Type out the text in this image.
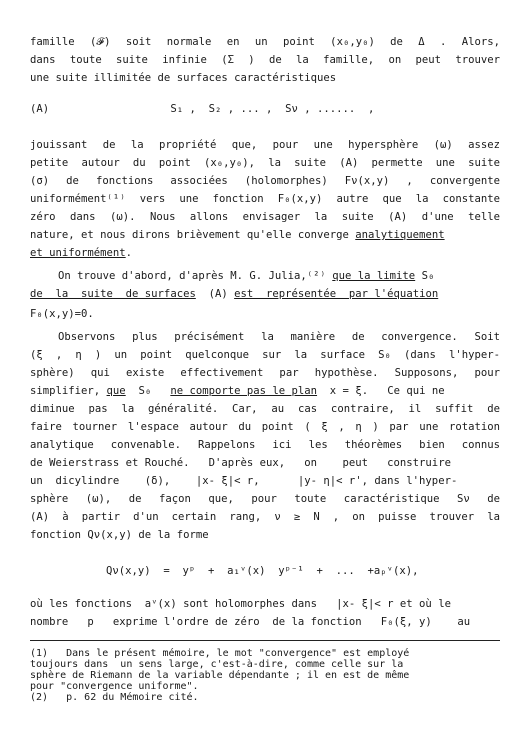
famille (𝓕) soit normale en un point (x₀,y₀) de Δ . Alors,
dans toute suite infinie (Σ ) de la famille, on peut trouver
une suite illimitée de surfaces caractéristiques
(A)                   S₁ ,  S₂ , ... ,  Sν , ......  ,
jouissant de la propriété que, pour une hypersphère (ω) assez
petite autour du point (x₀,y₀), la suite (A) permette une suite
(σ) de fonctions associées (holomorphes) Fν(x,y) , convergente
uniformément⁽¹⁾ vers une fonction F₀(x,y) autre que la constante
zéro dans (ω). Nous allons envisager la suite (A) d'une telle
nature, et nous dirons brièvement qu'elle converge analytiquement
et uniformément.
On trouve d'abord, d'après M. G. Julia,⁽²⁾ que la limite S₀
de  la  suite  de surfaces  (A) est  représentée  par l'équation
F₀(x,y)=0.
Observons plus précisément la manière de convergence. Soit
(ξ , η ) un point quelconque sur la surface S₀ (dans l'hyper-
sphère) qui existe effectivement par hypothèse. Supposons, pour
simplifier, que  S₀   ne comporte pas le plan  x = ξ.   Ce qui ne
diminue pas la généralité. Car, au cas contraire, il suffit de
faire tourner l'espace autour du point ( ξ , η ) par une rotation
analytique convenable. Rappelons ici les théorèmes bien connus
de Weierstrass et Rouché.   D'après eux,   on    peut   construire
un  dicylindre    (δ),    |x- ξ|< r,      |y- η|< r', dans l'hyper-
sphère (ω), de façon que, pour toute caractéristique Sν de
(A) à partir d'un certain rang, ν ≥ N , on puisse trouver la
fonction Qν(x,y) de la forme
Qν(x,y)  =  yᵖ  +  a₁ᵛ(x)  yᵖ⁻¹  +  ...  +aₚᵛ(x),
où les fonctions  aᵛ(x) sont holomorphes dans   |x- ξ|< r et où le
nombre   p   exprime l'ordre de zéro  de la fonction   F₀(ξ, y)    au
(1)   Dans le présent mémoire, le mot "convergence" est employé
toujours dans  un sens large, c'est-à-dire, comme celle sur la
sphère de Riemann de la variable dépendante ; il en est de même
pour "convergence uniforme".
(2)   p. 62 du Mémoire cité.
